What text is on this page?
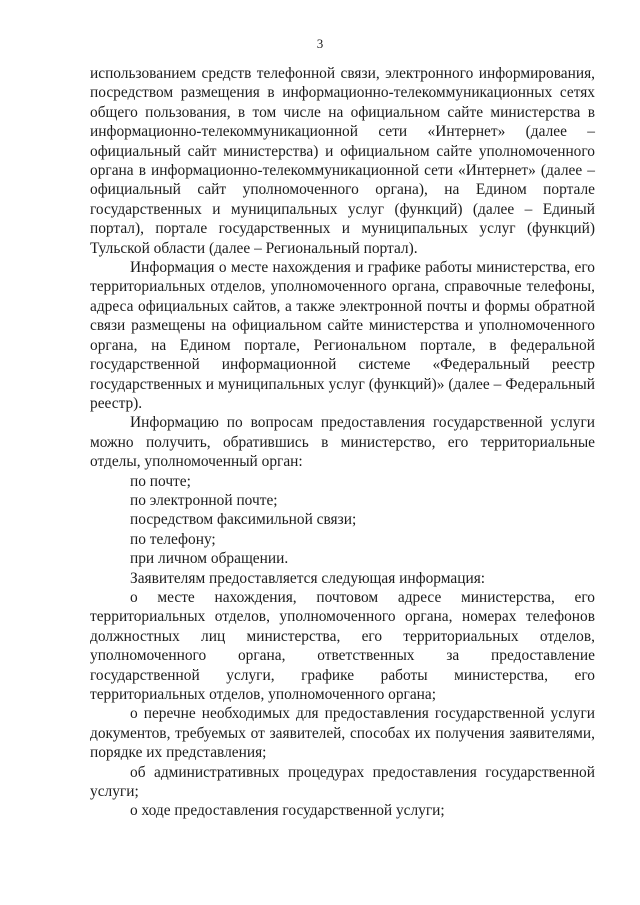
3

использованием средств телефонной связи, электронного информирования, посредством размещения в информационно-телекоммуникационных сетях общего пользования, в том числе на официальном сайте министерства в информационно-телекоммуникационной сети «Интернет» (далее – официальный сайт министерства) и официальном сайте уполномоченного органа в информационно-телекоммуникационной сети «Интернет» (далее – официальный сайт уполномоченного органа), на Едином портале государственных и муниципальных услуг (функций) (далее – Единый портал), портале государственных и муниципальных услуг (функций) Тульской области (далее – Региональный портал).

Информация о месте нахождения и графике работы министерства, его территориальных отделов, уполномоченного органа, справочные телефоны, адреса официальных сайтов, а также электронной почты и формы обратной связи размещены на официальном сайте министерства и уполномоченного органа, на Едином портале, Региональном портале, в федеральной государственной информационной системе «Федеральный реестр государственных и муниципальных услуг (функций)» (далее – Федеральный реестр).

Информацию по вопросам предоставления государственной услуги можно получить, обратившись в министерство, его территориальные отделы, уполномоченный орган:

по почте;

по электронной почте;

посредством факсимильной связи;

по телефону;

при личном обращении.

Заявителям предоставляется следующая информация:

о месте нахождения, почтовом адресе министерства, его территориальных отделов, уполномоченного органа, номерах телефонов должностных лиц министерства, его территориальных отделов, уполномоченного органа, ответственных за предоставление государственной услуги, графике работы министерства, его территориальных отделов, уполномоченного органа;

о перечне необходимых для предоставления государственной услуги документов, требуемых от заявителей, способах их получения заявителями, порядке их представления;

об административных процедурах предоставления государственной услуги;

о ходе предоставления государственной услуги;
